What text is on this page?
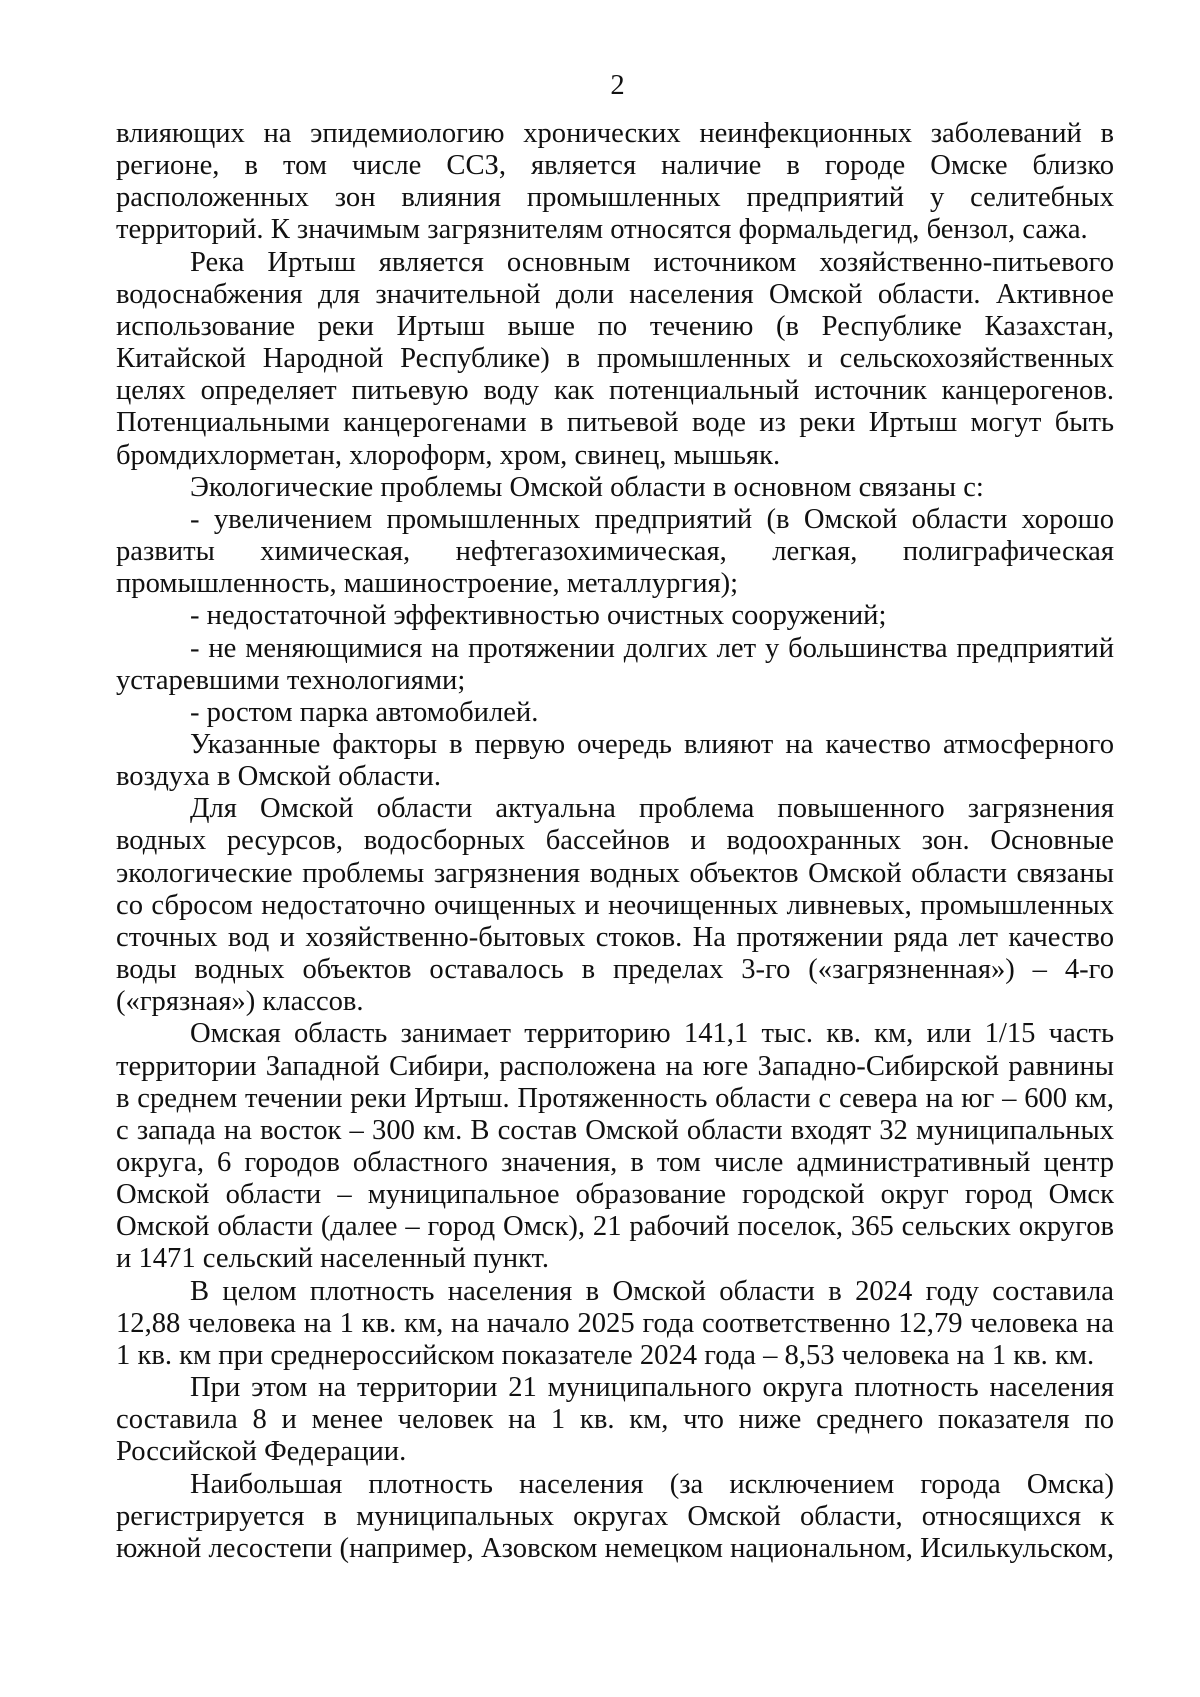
2

влияющих на эпидемиологию хронических неинфекционных заболеваний в регионе, в том числе ССЗ, является наличие в городе Омске близко расположенных зон влияния промышленных предприятий у селитебных территорий. К значимым загрязнителям относятся формальдегид, бензол, сажа.

Река Иртыш является основным источником хозяйственно-питьевого водоснабжения для значительной доли населения Омской области. Активное использование реки Иртыш выше по течению (в Республике Казахстан, Китайской Народной Республике) в промышленных и сельскохозяйственных целях определяет питьевую воду как потенциальный источник канцерогенов. Потенциальными канцерогенами в питьевой воде из реки Иртыш могут быть бромдихлорметан, хлороформ, хром, свинец, мышьяк.

Экологические проблемы Омской области в основном связаны с:

- увеличением промышленных предприятий (в Омской области хорошо развиты химическая, нефтегазохимическая, легкая, полиграфическая промышленность, машиностроение, металлургия);

- недостаточной эффективностью очистных сооружений;

- не меняющимися на протяжении долгих лет у большинства предприятий устаревшими технологиями;

- ростом парка автомобилей.

Указанные факторы в первую очередь влияют на качество атмосферного воздуха в Омской области.

Для Омской области актуальна проблема повышенного загрязнения водных ресурсов, водосборных бассейнов и водоохранных зон. Основные экологические проблемы загрязнения водных объектов Омской области связаны со сбросом недостаточно очищенных и неочищенных ливневых, промышленных сточных вод и хозяйственно-бытовых стоков. На протяжении ряда лет качество воды водных объектов оставалось в пределах 3-го («загрязненная») – 4-го («грязная») классов.

Омская область занимает территорию 141,1 тыс. кв. км, или 1/15 часть территории Западной Сибири, расположена на юге Западно-Сибирской равнины в среднем течении реки Иртыш. Протяженность области с севера на юг – 600 км, с запада на восток – 300 км. В состав Омской области входят 32 муниципальных округа, 6 городов областного значения, в том числе административный центр Омской области – муниципальное образование городской округ город Омск Омской области (далее – город Омск), 21 рабочий поселок, 365 сельских округов и 1471 сельский населенный пункт.

В целом плотность населения в Омской области в 2024 году составила 12,88 человека на 1 кв. км, на начало 2025 года соответственно 12,79 человека на 1 кв. км при среднероссийском показателе 2024 года – 8,53 человека на 1 кв. км.

При этом на территории 21 муниципального округа плотность населения составила 8 и менее человек на 1 кв. км, что ниже среднего показателя по Российской Федерации.

Наибольшая плотность населения (за исключением города Омска) регистрируется в муниципальных округах Омской области, относящихся к южной лесостепи (например, Азовском немецком национальном, Исилькульском,
